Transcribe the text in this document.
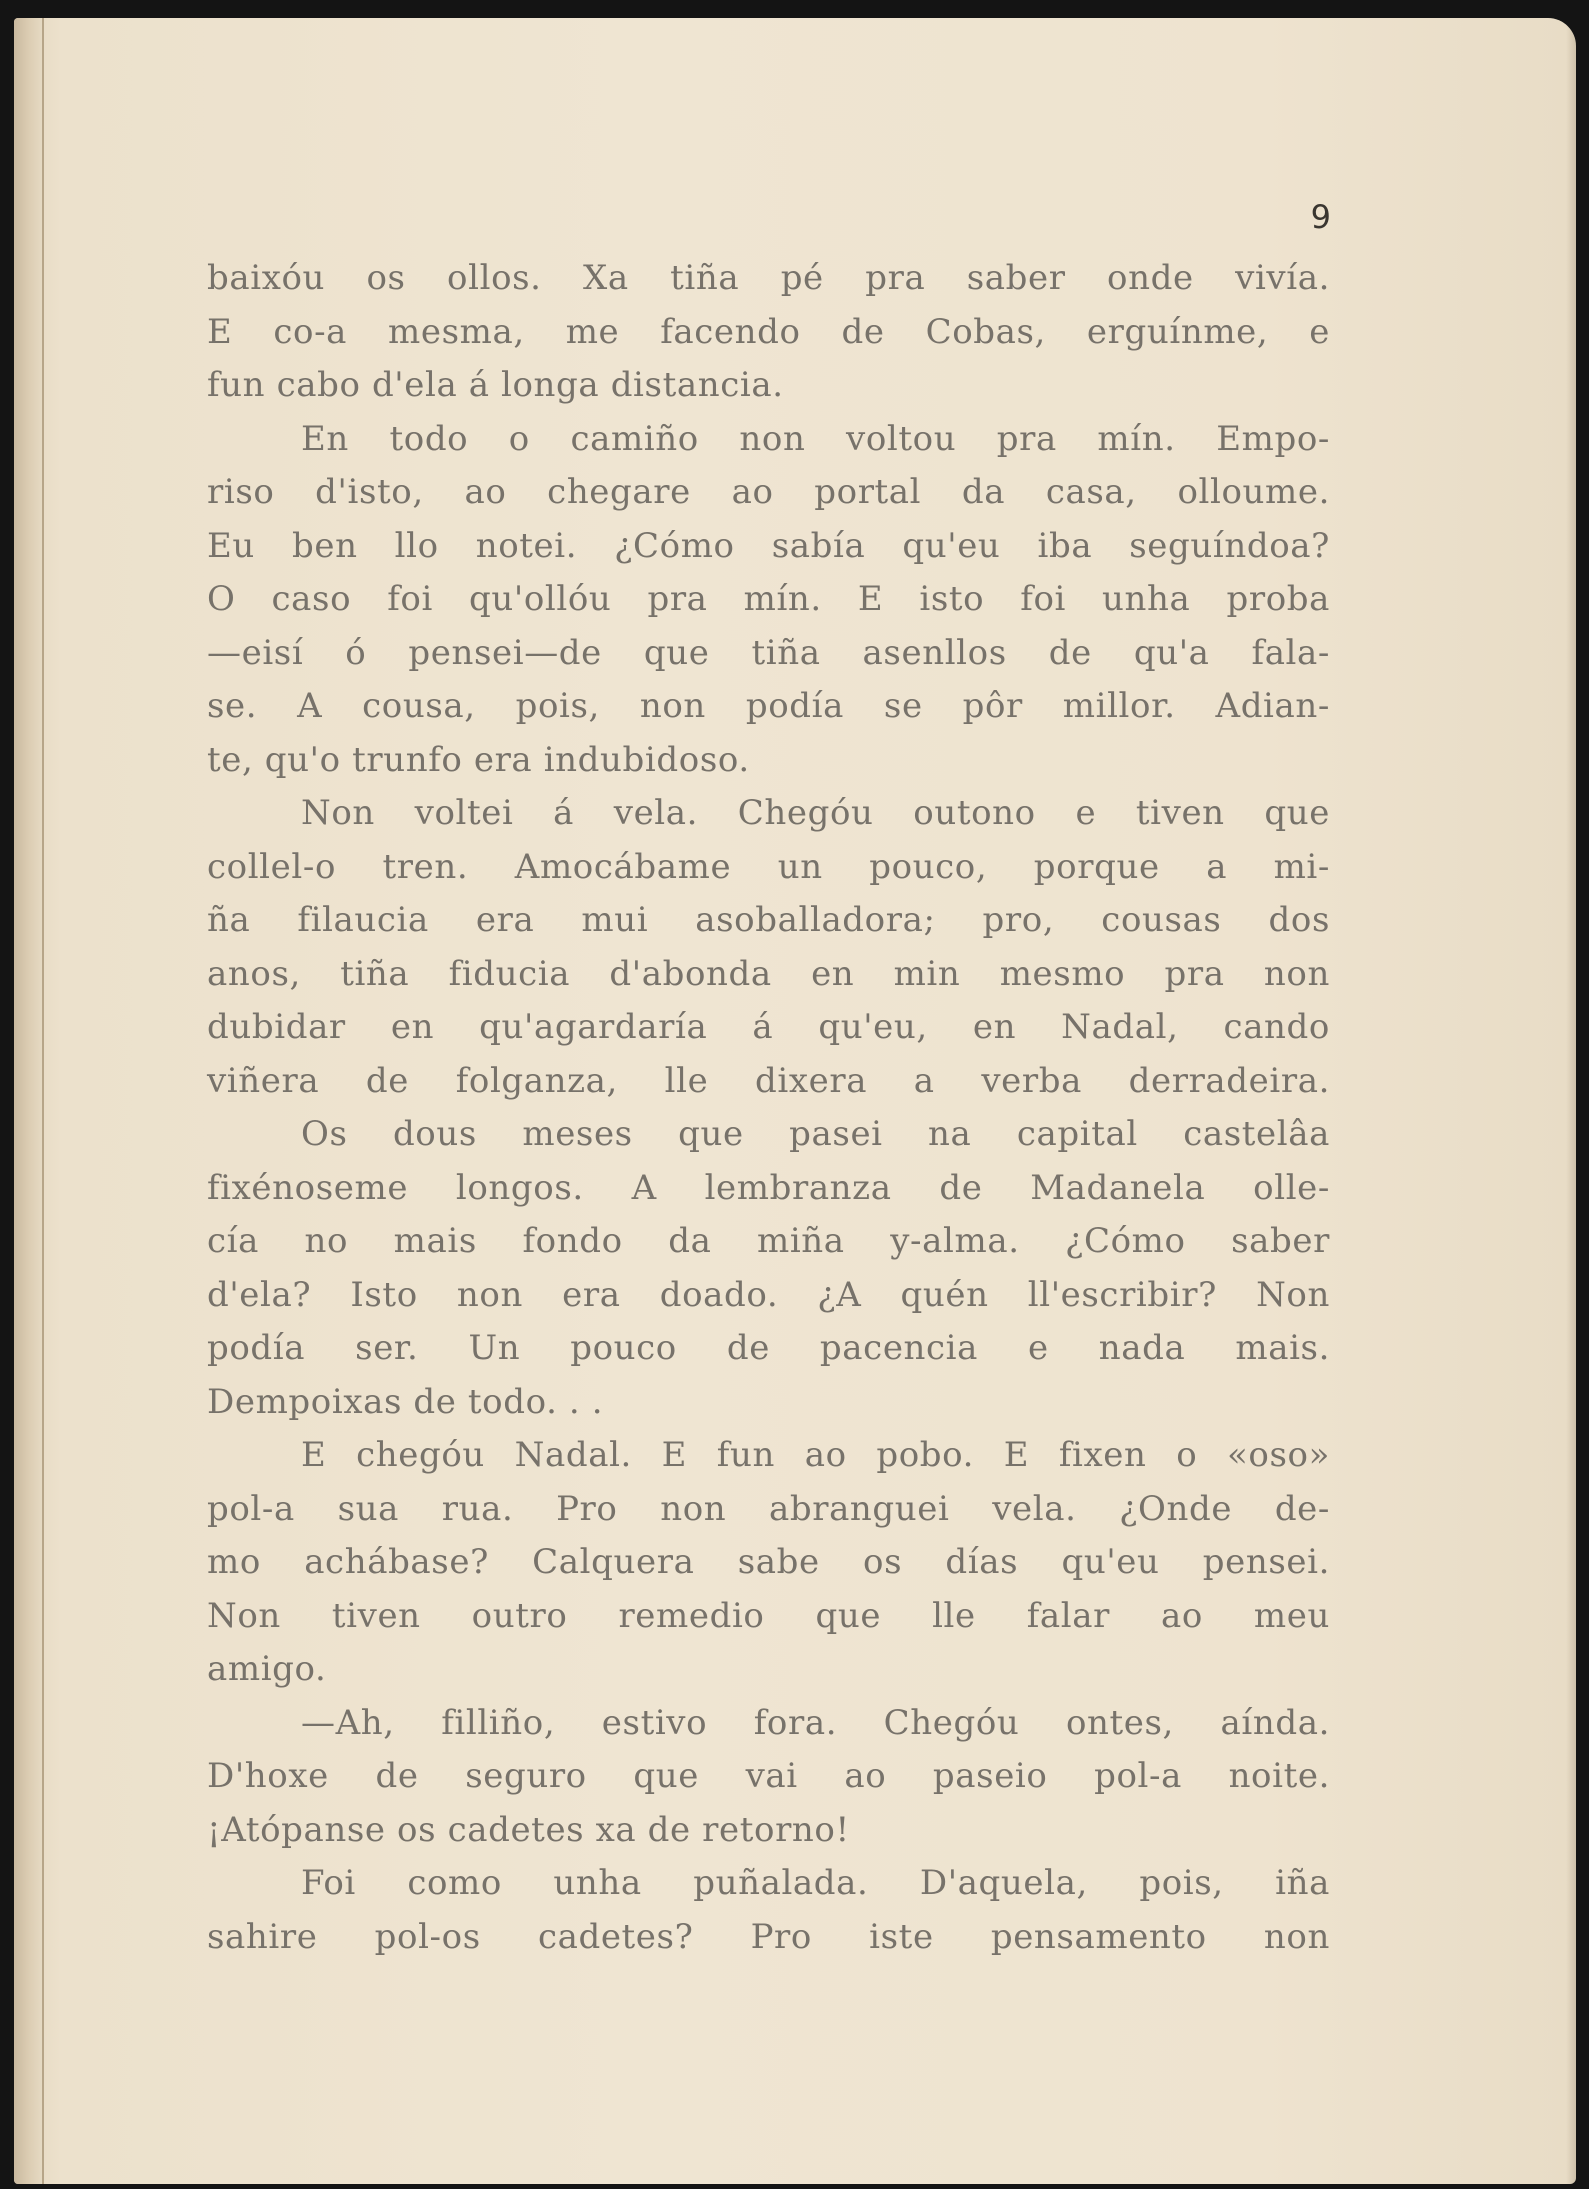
9
baixóu os ollos. Xa tiña pé pra saber onde vivía.
E co-a mesma, me facendo de Cobas, erguínme, e
fun cabo d'ela á longa distancia.
En todo o camiño non voltou pra mín. Empo-
riso d'isto, ao chegare ao portal da casa, olloume.
Eu ben llo notei. ¿Cómo sabía qu'eu iba seguíndoa?
O caso foi qu'ollóu pra mín. E isto foi unha proba
—eisí ó pensei—de que tiña asenllos de qu'a fala-
se. A cousa, pois, non podía se pôr millor. Adian-
te, qu'o trunfo era indubidoso.
Non voltei á vela. Chegóu outono e tiven que
collel-o tren. Amocábame un pouco, porque a mi-
ña filaucia era mui asoballadora; pro, cousas dos
anos, tiña fiducia d'abonda en min mesmo pra non
dubidar en qu'agardaría á qu'eu, en Nadal, cando
viñera de folganza, lle dixera a verba derradeira.
Os dous meses que pasei na capital castelâa
fixénoseme longos. A lembranza de Madanela olle-
cía no mais fondo da miña y-alma. ¿Cómo saber
d'ela? Isto non era doado. ¿A quén ll'escribir? Non
podía ser. Un pouco de pacencia e nada mais.
Dempoixas de todo. . .
E chegóu Nadal. E fun ao pobo. E fixen o «oso»
pol-a sua rua. Pro non abranguei vela. ¿Onde de-
mo achábase? Calquera sabe os días qu'eu pensei.
Non tiven outro remedio que lle falar ao meu
amigo.
—Ah, filliño, estivo fora. Chegóu ontes, aínda.
D'hoxe de seguro que vai ao paseio pol-a noite.
¡Atópanse os cadetes xa de retorno!
Foi como unha puñalada. D'aquela, pois, iña
sahire pol-os cadetes? Pro iste pensamento non
